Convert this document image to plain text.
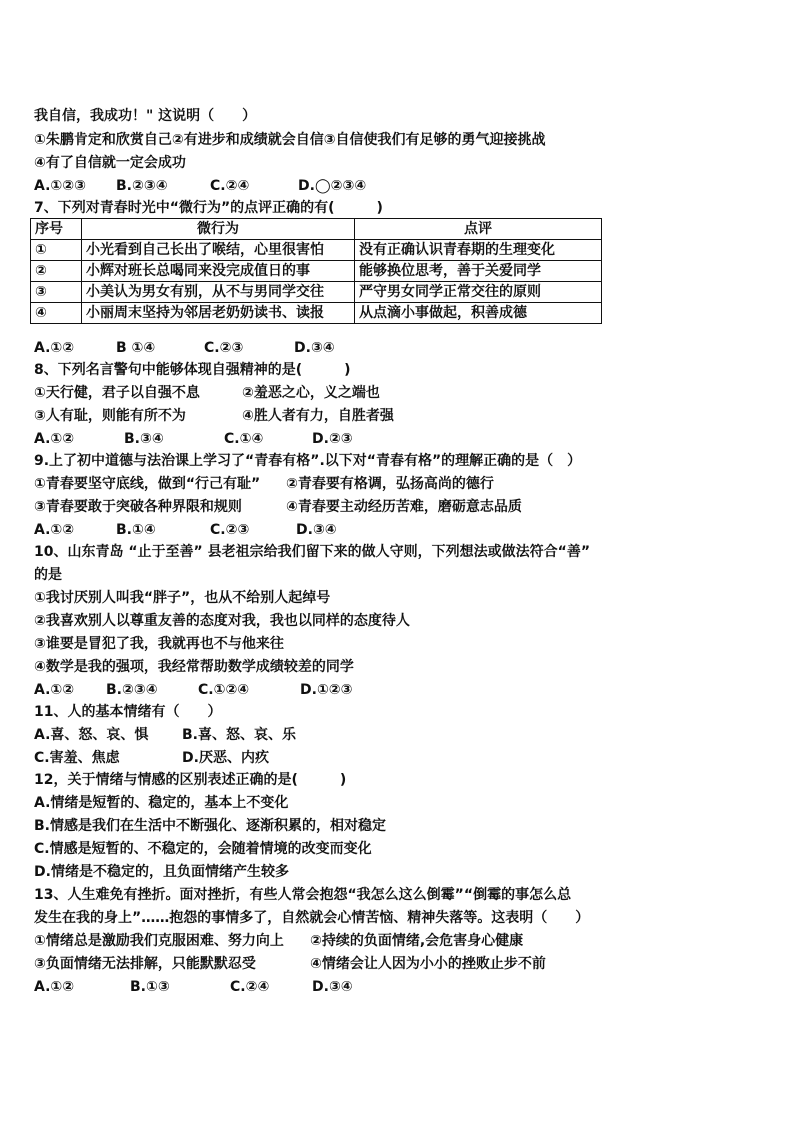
我自信，我成功！" 这说明（　　）
①朱鹏肯定和欣赏自己②有进步和成绩就会自信③自信使我们有足够的勇气迎接挑战
④有了自信就一定会成功
A.①②③ B.②③④	C.②④	D.◯②③④
7、下列对青春时光中“微行为”的点评正确的有(　　　)
序号	微行为	点评
①	小光看到自己长出了喉结，心里很害怕	没有正确认识青春期的生理变化
②	小辉对班长总喝同来没完成值日的事	能够换位思考，善于关爱同学
③	小美认为男女有别，从不与男同学交往	严守男女同学正常交往的原则
④	小丽周末坚持为邻居老奶奶读书、读报	从点滴小事做起，积善成德
A.①②	B ①④	C.②③	D.③④
8、下列名言警句中能够体现自强精神的是(　　　)
①天行健，君子以自强不息	②羞恶之心，义之端也
③人有耻，则能有所不为	④胜人者有力，自胜者强
A.①②	B.③④	C.①④	D.②③
9.上了初中道德与法治课上学习了“青春有格”.以下对“青春有格”的理解正确的是（　）
①青春要坚守底线，做到“行己有耻” ②青春要有格调，弘扬高尚的德行
③青春要敢于突破各种界限和规则	④青春要主动经历苦难，磨砺意志品质
A.①②	B.①④	C.②③	D.③④
10、山东青岛 “止于至善” 县老祖宗给我们留下来的做人守则，下列想法或做法符合“善”
的是
①我讨厌别人叫我“胖子”，也从不给别人起绰号
②我喜欢别人以尊重友善的态度对我，我也以同样的态度待人
③谁要是冒犯了我，我就再也不与他来往
④数学是我的强项，我经常帮助数学成绩较差的同学
A.①② B.②③④	C.①②④	D.①②③
11、人的基本情绪有（　　）
A.喜、怒、哀、惧 B.喜、怒、哀、乐
C.害羞、焦虑	D.厌恶、内疚
12，关于情绪与情感的区别表述正确的是(　　　)
A.情绪是短暂的、稳定的，基本上不变化
B.情感是我们在生活中不断强化、逐渐积累的，相对稳定
C.情感是短暂的、不稳定的，会随着情境的改变而变化
D.情绪是不稳定的，且负面情绪产生较多
13、人生难免有挫折。面对挫折，有些人常会抱怨“我怎么这么倒霉”“倒霉的事怎么总
发生在我的身上”……抱怨的事情多了，自然就会心情苦恼、精神失落等。这表明（　　）
①情绪总是激励我们克服困难、努力向上 ②持续的负面情绪,会危害身心健康
③负面情绪无法排解，只能默默忍受	④情绪会让人因为小小的挫败止步不前
A.①②	B.①③	C.②④	D.③④
